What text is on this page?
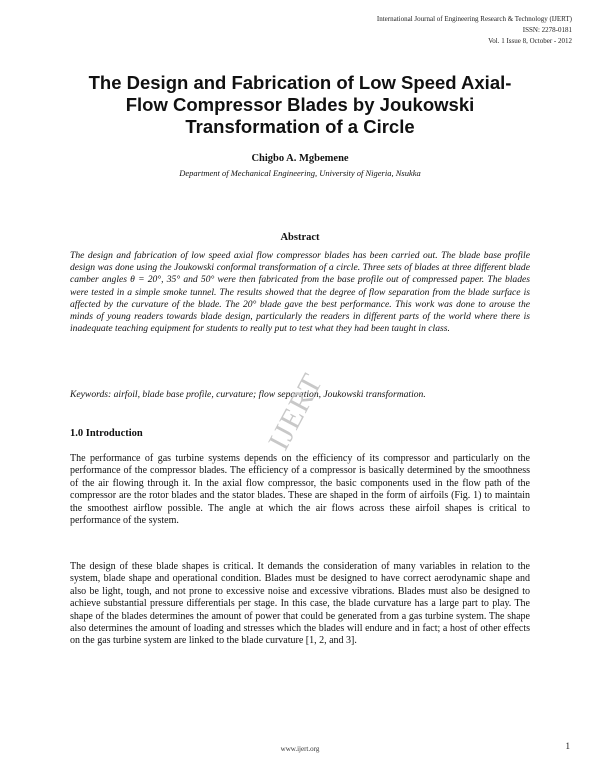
International Journal of Engineering Research & Technology (IJERT)
ISSN: 2278-0181
Vol. 1 Issue 8, October - 2012
The Design and Fabrication of Low Speed Axial-
Flow Compressor Blades by Joukowski
Transformation of a Circle
Chigbo A. Mgbemene
Department of Mechanical Engineering, University of Nigeria, Nsukka
Abstract
The design and fabrication of low speed axial flow compressor blades has been carried out. The blade base profile design was done using the Joukowski conformal transformation of a circle. Three sets of blades at three different blade camber angles θ = 20°, 35° and 50° were then fabricated from the base profile out of compressed paper. The blades were tested in a simple smoke tunnel. The results showed that the degree of flow separation from the blade surface is affected by the curvature of the blade. The 20° blade gave the best performance. This work was done to arouse the minds of young readers towards blade design, particularly the readers in different parts of the world where there is inadequate teaching equipment for students to really put to test what they had been taught in class.
Keywords: airfoil, blade base profile, curvature; flow separation, Joukowski transformation.
IJERT
1.0 Introduction
The performance of gas turbine systems depends on the efficiency of its compressor and particularly on the performance of the compressor blades. The efficiency of a compressor is basically determined by the smoothness of the air flowing through it. In the axial flow compressor, the basic components used in the flow path of the compressor are the rotor blades and the stator blades. These are shaped in the form of airfoils (Fig. 1) to maintain the smoothest airflow possible. The angle at which the air flows across these airfoil shapes is critical to performance of the system.
The design of these blade shapes is critical. It demands the consideration of many variables in relation to the system, blade shape and operational condition. Blades must be designed to have correct aerodynamic shape and also be light, tough, and not prone to excessive noise and excessive vibrations. Blades must also be designed to achieve substantial pressure differentials per stage. In this case, the blade curvature has a large part to play. The shape of the blades determines the amount of power that could be generated from a gas turbine system. The shape also determines the amount of loading and stresses which the blades will endure and in fact; a host of other effects on the gas turbine system are linked to the blade curvature [1, 2, and 3].
www.ijert.org	1
